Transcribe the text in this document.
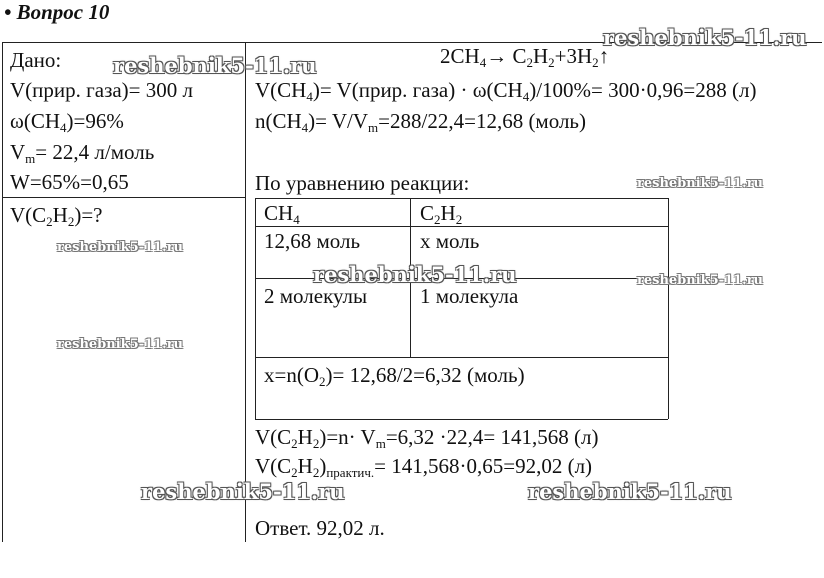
• Вопрос 10
Дано:
V(прир. газа)= 300 л
$\omega(CH_4)=96\%$
$V_m= 22,4$ л/моль
W=65%=0,65
$V(C_2H_2)=$?
$2CH_4\to$ $C_2H_2+3H_2↑$
$V(CH_4)=$ V(прир. газа) · $\omega(CH_4)/100\%= 300\cdot 0,96=288$ (л)
$n(CH_4)= V/V_m=288/22,4=12,68$ (моль)
По уравнению реакции:
$CH_4$	$C_2H_2$
12,68 моль	х моль
2 молекулы	1 молекула
$х=n(O_2)= 12,68/2=6,32$ (моль)
$V(C_2H_2)=n\cdot V_m=6,32 \cdot 22,4= 141,568$ (л)
$V(C_2H_2)_{практич.}= 141,568\cdot 0,65=92,02$ (л)
Ответ. 92,02 л.
reshebnik5-11.ru
reshebnik5-11.ru
reshebnik5-11.ru
reshebnik5-11.ru
reshebnik5-11.ru	reshebnik5-11.ru
reshebnik5-11.ru
reshebnik5-11.ru	reshebnik5-11.ru
